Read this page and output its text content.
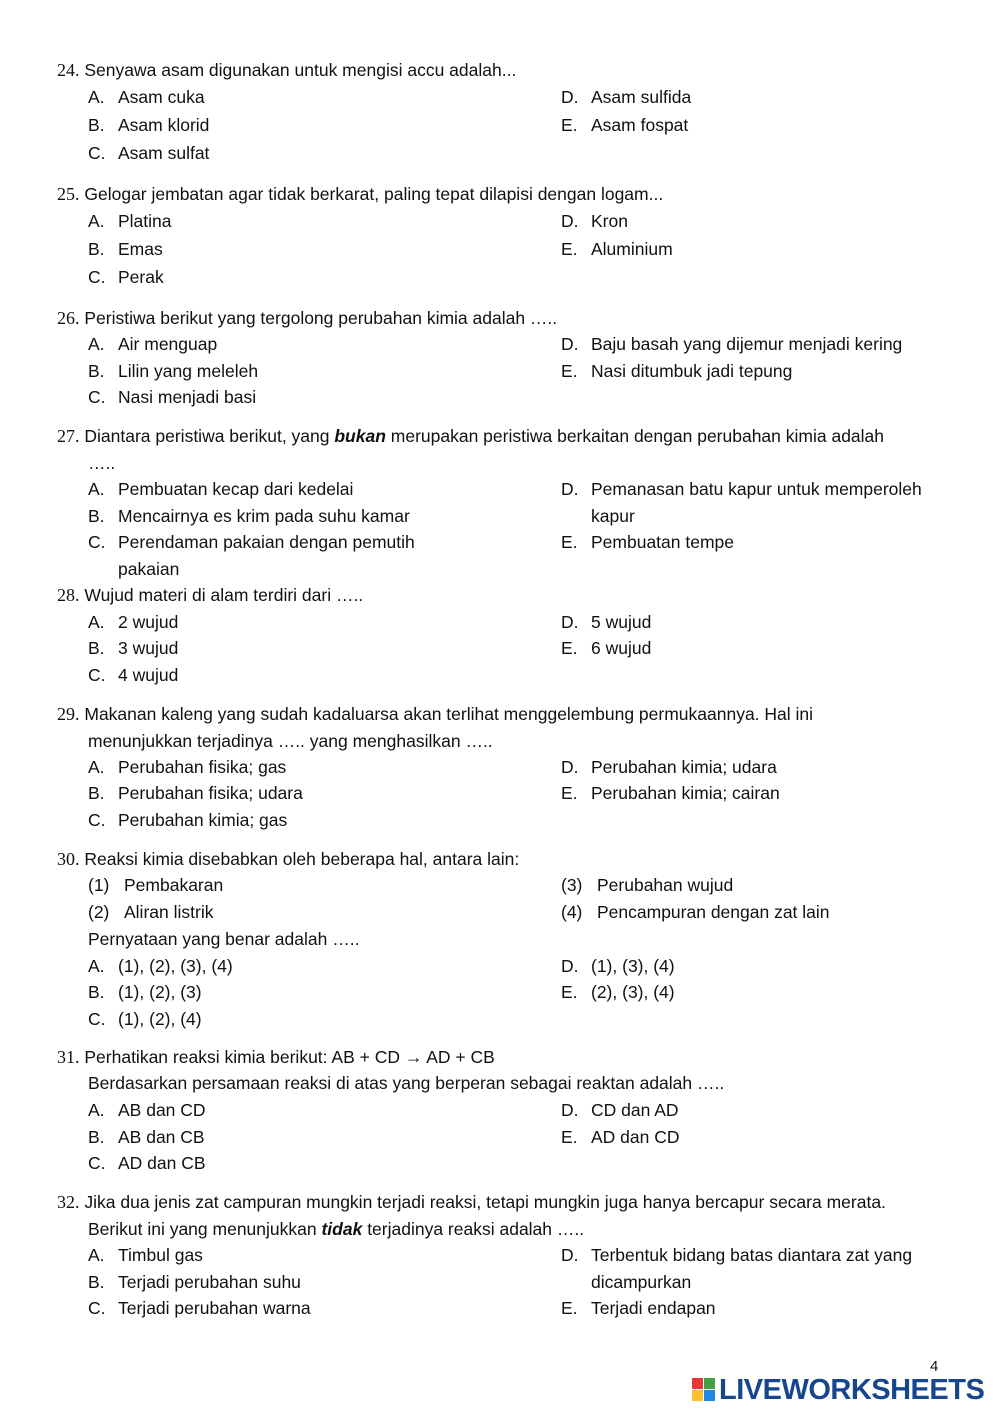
24. Senyawa asam digunakan untuk mengisi accu adalah...
A. Asam cuka
B. Asam klorid
C. Asam sulfat
D. Asam sulfida
E. Asam fospat
25. Gelogar jembatan agar tidak berkarat, paling tepat dilapisi dengan logam...
A. Platina
B. Emas
C. Perak
D. Kron
E. Aluminium
26. Peristiwa berikut yang tergolong perubahan kimia adalah …..
A. Air menguap
B. Lilin yang meleleh
C. Nasi menjadi basi
D. Baju basah yang dijemur menjadi kering
E. Nasi ditumbuk jadi tepung
27. Diantara peristiwa berikut, yang bukan merupakan peristiwa berkaitan dengan perubahan kimia adalah
…..
A. Pembuatan kecap dari kedelai
B. Mencairnya es krim pada suhu kamar
C. Perendaman pakaian dengan pemutih
pakaian
D. Pemanasan batu kapur untuk memperoleh
kapur
E. Pembuatan tempe
28. Wujud materi di alam terdiri dari …..
A. 2 wujud
B. 3 wujud
C. 4 wujud
D. 5 wujud
E. 6 wujud
29. Makanan kaleng yang sudah kadaluarsa akan terlihat menggelembung permukaannya. Hal ini
menunjukkan terjadinya ….. yang menghasilkan …..
A. Perubahan fisika; gas
B. Perubahan fisika; udara
C. Perubahan kimia; gas
D. Perubahan kimia; udara
E. Perubahan kimia; cairan
30. Reaksi kimia disebabkan oleh beberapa hal, antara lain:
(1) Pembakaran
(2) Aliran listrik
(3) Perubahan wujud
(4) Pencampuran dengan zat lain
Pernyataan yang benar adalah …..
A. (1), (2), (3), (4)
B. (1), (2), (3)
C. (1), (2), (4)
D. (1), (3), (4)
E. (2), (3), (4)
31. Perhatikan reaksi kimia berikut: AB + CD → AD + CB
Berdasarkan persamaan reaksi di atas yang berperan sebagai reaktan adalah …..
A. AB dan CD
B. AB dan CB
C. AD dan CB
D. CD dan AD
E. AD dan CD
32. Jika dua jenis zat campuran mungkin terjadi reaksi, tetapi mungkin juga hanya bercapur secara merata.
Berikut ini yang menunjukkan tidak terjadinya reaksi adalah …..
A. Timbul gas
B. Terjadi perubahan suhu
C. Terjadi perubahan warna
D. Terbentuk bidang batas diantara zat yang
dicampurkan
E. Terjadi endapan
4
LIVEWORKSHEETS
